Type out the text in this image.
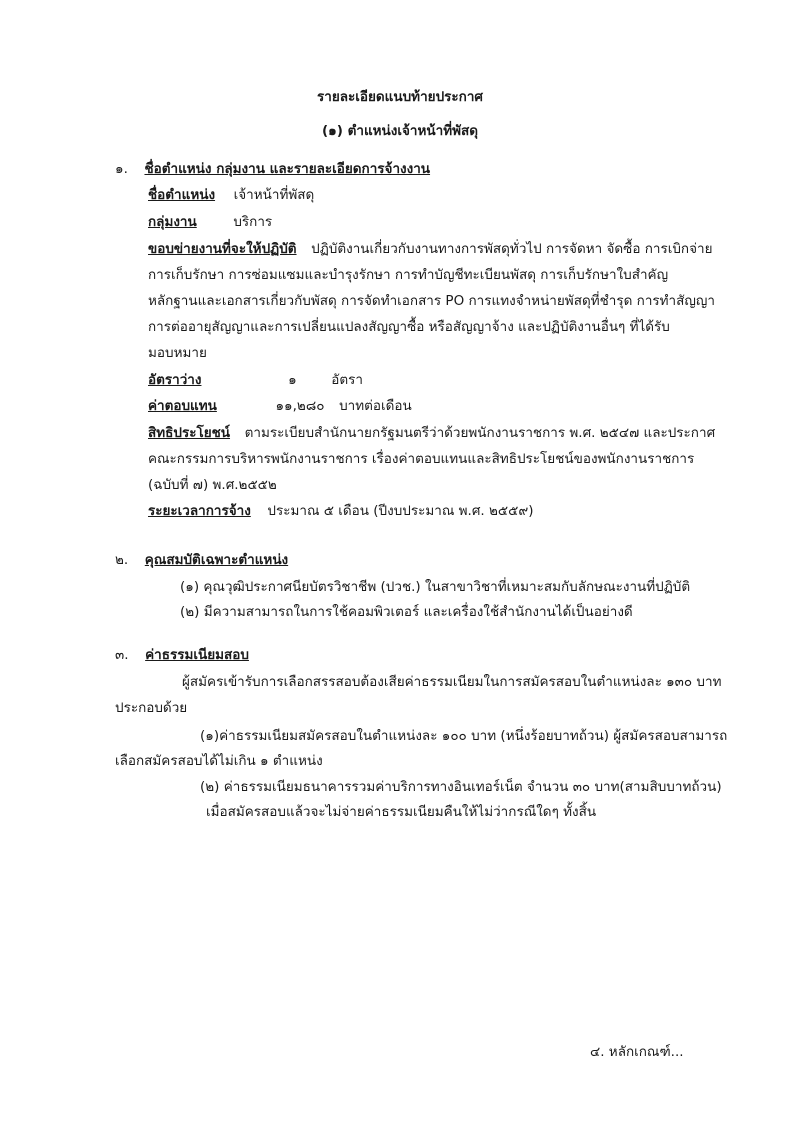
รายละเอียดแนบท้ายประกาศ

(๑) ตำแหน่งเจ้าหน้าที่พัสดุ

๑. ชื่อตำแหน่ง กลุ่มงาน และรายละเอียดการจ้างงาน

ชื่อตำแหน่ง เจ้าหน้าที่พัสดุ

กลุ่มงาน	บริการ

ขอบข่ายงานที่จะให้ปฏิบัติ ปฏิบัติงานเกี่ยวกับงานทางการพัสดุทั่วไป การจัดหา จัดซื้อ การเบิกจ่าย

การเก็บรักษา การซ่อมแซมและบำรุงรักษา การทำบัญชีทะเบียนพัสดุ การเก็บรักษาใบสำคัญ

หลักฐานและเอกสารเกี่ยวกับพัสดุ การจัดทำเอกสาร PO การแทงจำหน่ายพัสดุที่ชำรุด การทำสัญญา

การต่ออายุสัญญาและการเปลี่ยนแปลงสัญญาซื้อ หรือสัญญาจ้าง และปฏิบัติงานอื่นๆ ที่ได้รับ

มอบหมาย

อัตราว่าง	๑	อัตรา

ค่าตอบแทน	๑๑,๒๘๐ บาทต่อเดือน

สิทธิประโยชน์ ตามระเบียบสำนักนายกรัฐมนตรีว่าด้วยพนักงานราชการ พ.ศ. ๒๕๔๗ และประกาศ

คณะกรรมการบริหารพนักงานราชการ เรื่องค่าตอบแทนและสิทธิประโยชน์ของพนักงานราชการ

(ฉบับที่ ๗) พ.ศ.๒๕๕๒

ระยะเวลาการจ้าง ประมาณ ๕ เดือน (ปีงบประมาณ พ.ศ. ๒๕๕๙)

๒. คุณสมบัติเฉพาะตำแหน่ง

(๑) คุณวุฒิประกาศนียบัตรวิชาชีพ (ปวช.) ในสาขาวิชาที่เหมาะสมกับลักษณะงานที่ปฏิบัติ

(๒) มีความสามารถในการใช้คอมพิวเตอร์ และเครื่องใช้สำนักงานได้เป็นอย่างดี

๓. ค่าธรรมเนียมสอบ

ผู้สมัครเข้ารับการเลือกสรรสอบต้องเสียค่าธรรมเนียมในการสมัครสอบในตำแหน่งละ ๑๓๐ บาท

ประกอบด้วย

(๑)ค่าธรรมเนียมสมัครสอบในตำแหน่งละ ๑๐๐ บาท (หนึ่งร้อยบาทถ้วน) ผู้สมัครสอบสามารถ

เลือกสมัครสอบได้ไม่เกิน ๑ ตำแหน่ง

(๒) ค่าธรรมเนียมธนาคารรวมค่าบริการทางอินเทอร์เน็ต จำนวน ๓๐ บาท(สามสิบบาทถ้วน)

เมื่อสมัครสอบแล้วจะไม่จ่ายค่าธรรมเนียมคืนให้ไม่ว่ากรณีใดๆ ทั้งสิ้น

๔. หลักเกณฑ์...
